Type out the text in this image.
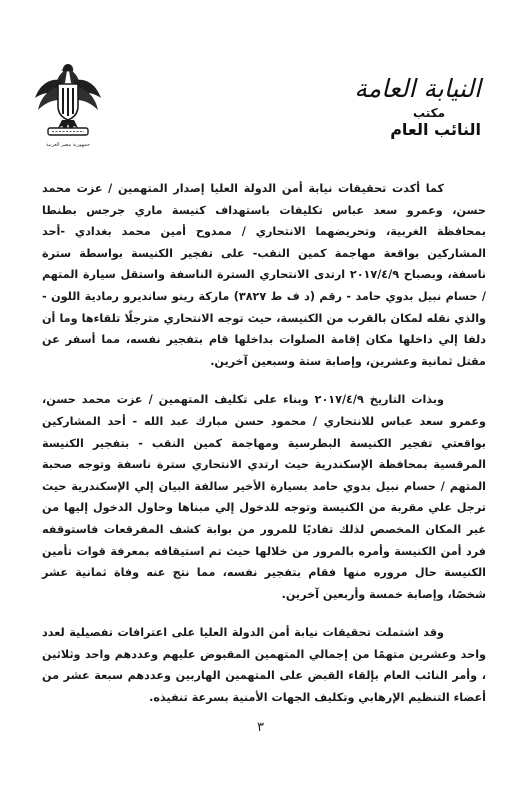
جمهورية مصر العربية
النيابة العامة
مكتب
النائب العام

كما أكدت تحقيقات نيابة أمن الدولة العليا إصدار المتهمين / عزت محمد حسن، وعمرو سعد عباس تكليفات باستهداف كنيسة ماري جرجس بطنطا بمحافظة الغربية، وتحريضهما الانتحاري / ممدوح أمين محمد بغدادي -أحد المشاركين بواقعة مهاجمة كمين النقب- على تفجير الكنيسة بواسطة سترة ناسفة، وبصباح ٢٠١٧/٤/٩ ارتدى الانتحاري السترة الناسفة واستقل سيارة المتهم / حسام نبيل بدوي حامد - رقم (د ف ط ٣٨٢٧) ماركة رينو سانديرو رمادية اللون - والذي نقله لمكان بالقرب من الكنيسة، حيث توجه الانتحاري مترجلًا تلقاءها وما أن دلفا إلي داخلها مكان إقامة الصلوات بداخلها قام بتفجير نفسه، مما أسفر عن مقتل ثمانية وعشرين، وإصابة ستة وسبعين آخرين.

وبذات التاريخ ٢٠١٧/٤/٩ وبناء على تكليف المتهمين / عزت محمد حسن، وعمرو سعد عباس للانتحاري / محمود حسن مبارك عبد الله - أحد المشاركين بواقعتي تفجير الكنيسة البطرسية ومهاجمة كمين النقب - بتفجير الكنيسة المرقسية بمحافظة الإسكندرية حيث ارتدي الانتحاري سترة ناسفة وتوجه صحبة المتهم / حسام نبيل بدوي حامد بسيارة الأخير سالفة البيان إلي الإسكندرية حيث ترجل علي مقربة من الكنيسة وتوجه للدخول إلي مبناها وحاول الدخول إليها من غير المكان المخصص لذلك تفاديًا للمرور من بوابة كشف المفرقعات فاستوقفه فرد أمن الكنيسة وأمره بالمرور من خلالها حيث تم استيقافه بمعرفة قوات تأمين الكنيسة حال مروره منها فقام بتفجير نفسه، مما نتج عنه وفاة ثمانية عشر شخصًا، وإصابة خمسة وأربعين آخرين.

وقد اشتملت تحقيقات نيابة أمن الدولة العليا على اعترافات تفصيلية لعدد واحد وعشرين متهمًا من إجمالي المتهمين المقبوض عليهم وعددهم واحد وثلاثين ، وأمر النائب العام بإلقاء القبض على المتهمين الهاربين وعددهم سبعة عشر من أعضاء التنظيم الإرهابي وتكليف الجهات الأمنية بسرعة تنفيذه.

٣
